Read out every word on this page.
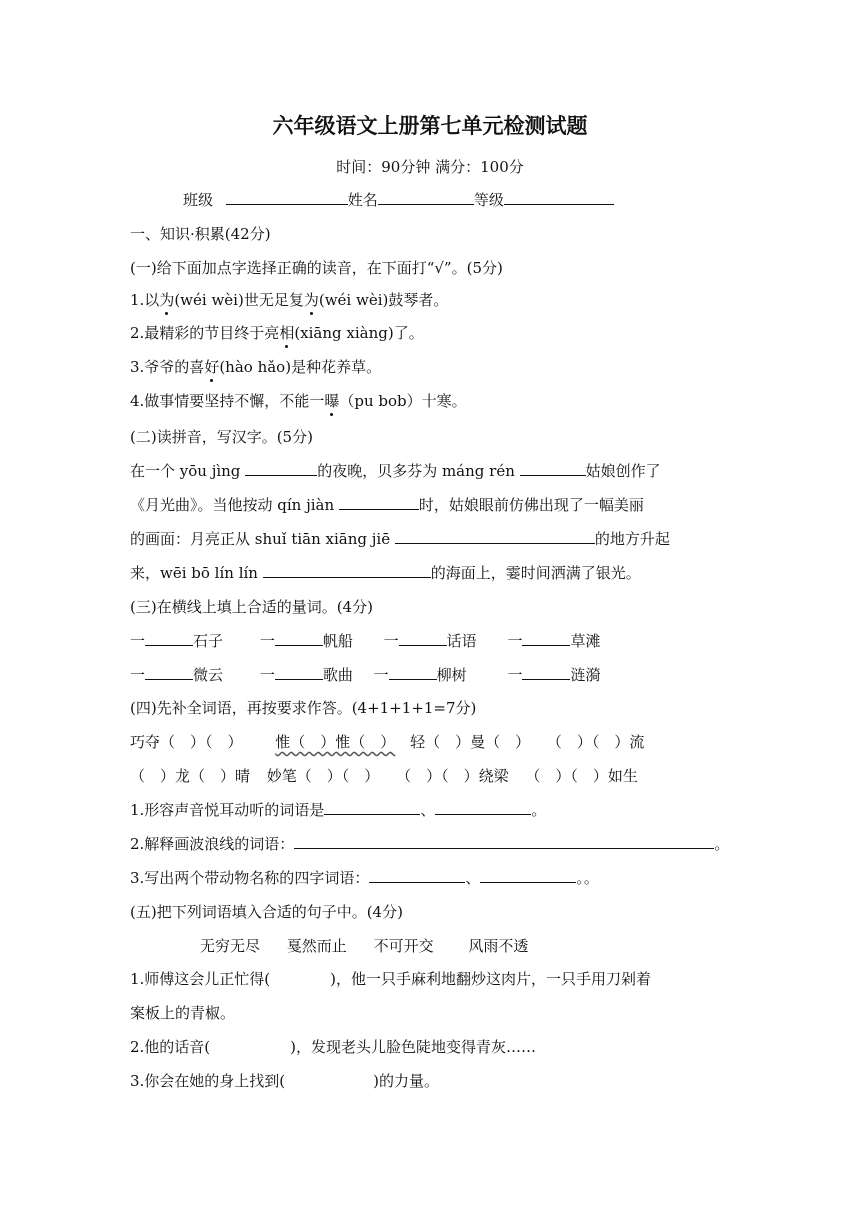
六年级语文上册第七单元检测试题
时间：90分钟 满分：100分
班级	姓名	等级
一、知识·积累(42分)
(一)给下面加点字选择正确的读音，在下面打“√”。(5分)
1.以为(wéi wèi)世无足复为(wéi wèi)鼓琴者。
2.最精彩的节目终于亮相(xiāng xiàng)了。
3.爷爷的喜好(hào hǎo)是种花养草。
4.做事情要坚持不懈，不能一曝（pu bob）十寒。
(二)读拼音，写汉字。(5分)
在一个 yōu jìng	的夜晚，贝多芬为 máng rén	姑娘创作了
《月光曲》。当他按动 qín jiàn	时，姑娘眼前仿佛出现了一幅美丽
的画面：月亮正从 shuǐ tiān xiāng jiē	的地方升起
来，wēi bō lín lín	的海面上，霎时间洒满了银光。
(三)在横线上填上合适的量词。(4分)
一	石子 一	帆船 一	话语 一	草滩
一	微云 一	歌曲 一	柳树	一	涟漪
(四)先补全词语，再按要求作答。(4+1+1+1=7分)
巧夺（　）（　） 惟（　）惟（　） 轻（　）曼（　） （　）（　）流
（　）龙（　）晴 妙笔（　）（　） （　）（　）绕梁 （　）（　）如生
1.形容声音悦耳动听的词语是	、	。
2.解释画波浪线的词语：	。
3.写出两个带动物名称的四字词语：	、	。。
(五)把下列词语填入合适的句子中。(4分)
无穷无尽 戛然而止 不可开交 风雨不透
1.师傅这会儿正忙得(	)，他一只手麻利地翻炒这肉片，一只手用刀剁着
案板上的青椒。
2.他的话音(	)，发现老头儿脸色陡地变得青灰……
3.你会在她的身上找到(	)的力量。
